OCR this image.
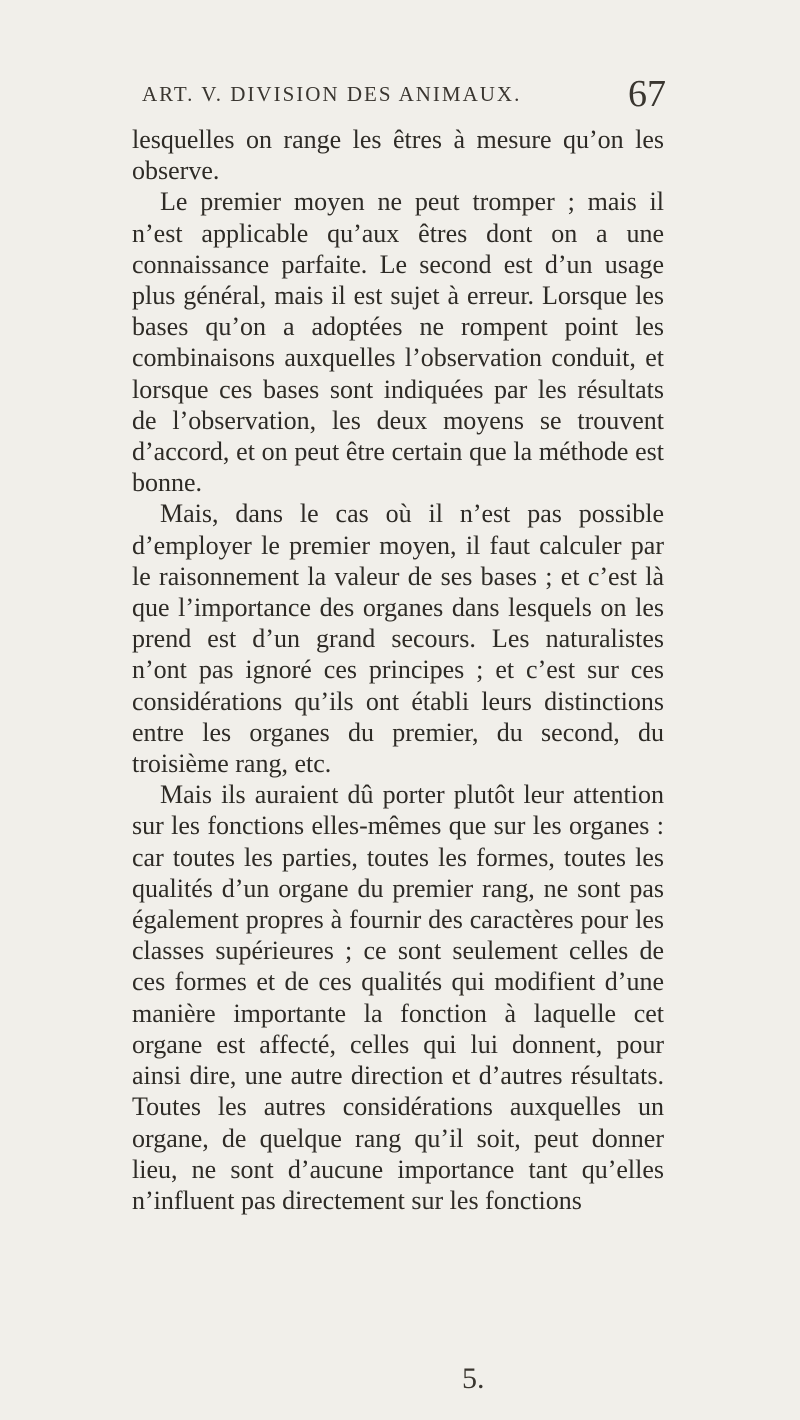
ART. V. DIVISION DES ANIMAUX.	67

lesquelles on range les êtres à mesure qu’on les observe.

Le premier moyen ne peut tromper ; mais il n’est applicable qu’aux êtres dont on a une connaissance parfaite. Le second est d’un usage plus général, mais il est sujet à erreur. Lorsque les bases qu’on a adoptées ne rompent point les combinaisons auxquelles l’observation conduit, et lorsque ces bases sont indiquées par les résultats de l’observation, les deux moyens se trouvent d’accord, et on peut être certain que la méthode est bonne.

Mais, dans le cas où il n’est pas possible d’employer le premier moyen, il faut calculer par le raisonnement la valeur de ses bases ; et c’est là que l’importance des organes dans lesquels on les prend est d’un grand secours. Les naturalistes n’ont pas ignoré ces principes ; et c’est sur ces considérations qu’ils ont établi leurs distinctions entre les organes du premier, du second, du troisième rang, etc.

Mais ils auraient dû porter plutôt leur attention sur les fonctions elles-mêmes que sur les organes : car toutes les parties, toutes les formes, toutes les qualités d’un organe du premier rang, ne sont pas également propres à fournir des caractères pour les classes supérieures ; ce sont seulement celles de ces formes et de ces qualités qui modifient d’une manière importante la fonction à laquelle cet organe est affecté, celles qui lui donnent, pour ainsi dire, une autre direction et d’autres résultats. Toutes les autres considérations auxquelles un organe, de quelque rang qu’il soit, peut donner lieu, ne sont d’aucune importance tant qu’elles n’influent pas directement sur les fonctions

5.
